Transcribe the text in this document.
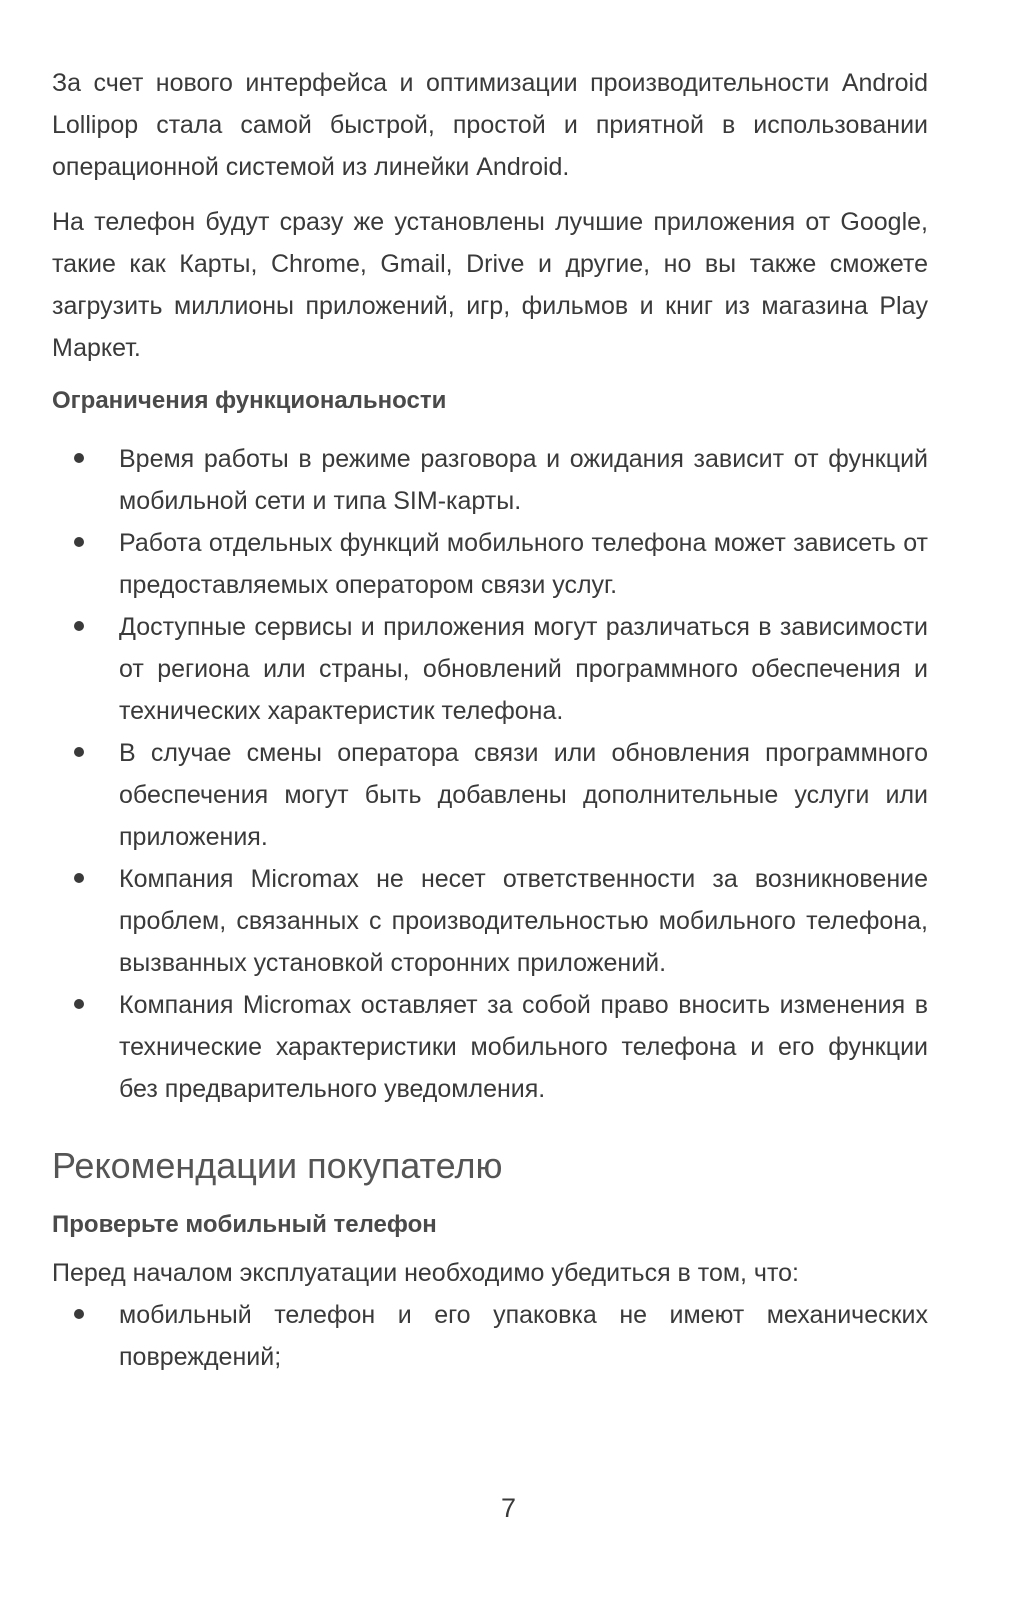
За счет нового интерфейса и оптимизации производительности Android Lollipop стала самой быстрой, простой и приятной в использовании операционной системой из линейки Android.

На телефон будут сразу же установлены лучшие приложения от Google, такие как Карты, Chrome, Gmail, Drive и другие, но вы также сможете загрузить миллионы приложений, игр, фильмов и книг из магазина Play Маркет.

Ограничения функциональности
Время работы в режиме разговора и ожидания зависит от функций мобильной сети и типа SIM-карты.
Работа отдельных функций мобильного телефона может зависеть от предоставляемых оператором связи услуг.
Доступные сервисы и приложения могут различаться в зависимости от региона или страны, обновлений программного обеспечения и технических характеристик телефона.
В случае смены оператора связи или обновления программного обеспечения могут быть добавлены дополнительные услуги или приложения.
Компания Micromax не несет ответственности за возникновение проблем, связанных с производительностью мобильного телефона, вызванных установкой сторонних приложений.
Компания Micromax оставляет за собой право вносить изменения в технические характеристики мобильного телефона и его функции без предварительного уведомления.
Рекомендации покупателю
Проверьте мобильный телефон

Перед началом эксплуатации необходимо убедиться в том, что:

мобильный телефон и его упаковка не имеют механических повреждений;
7
